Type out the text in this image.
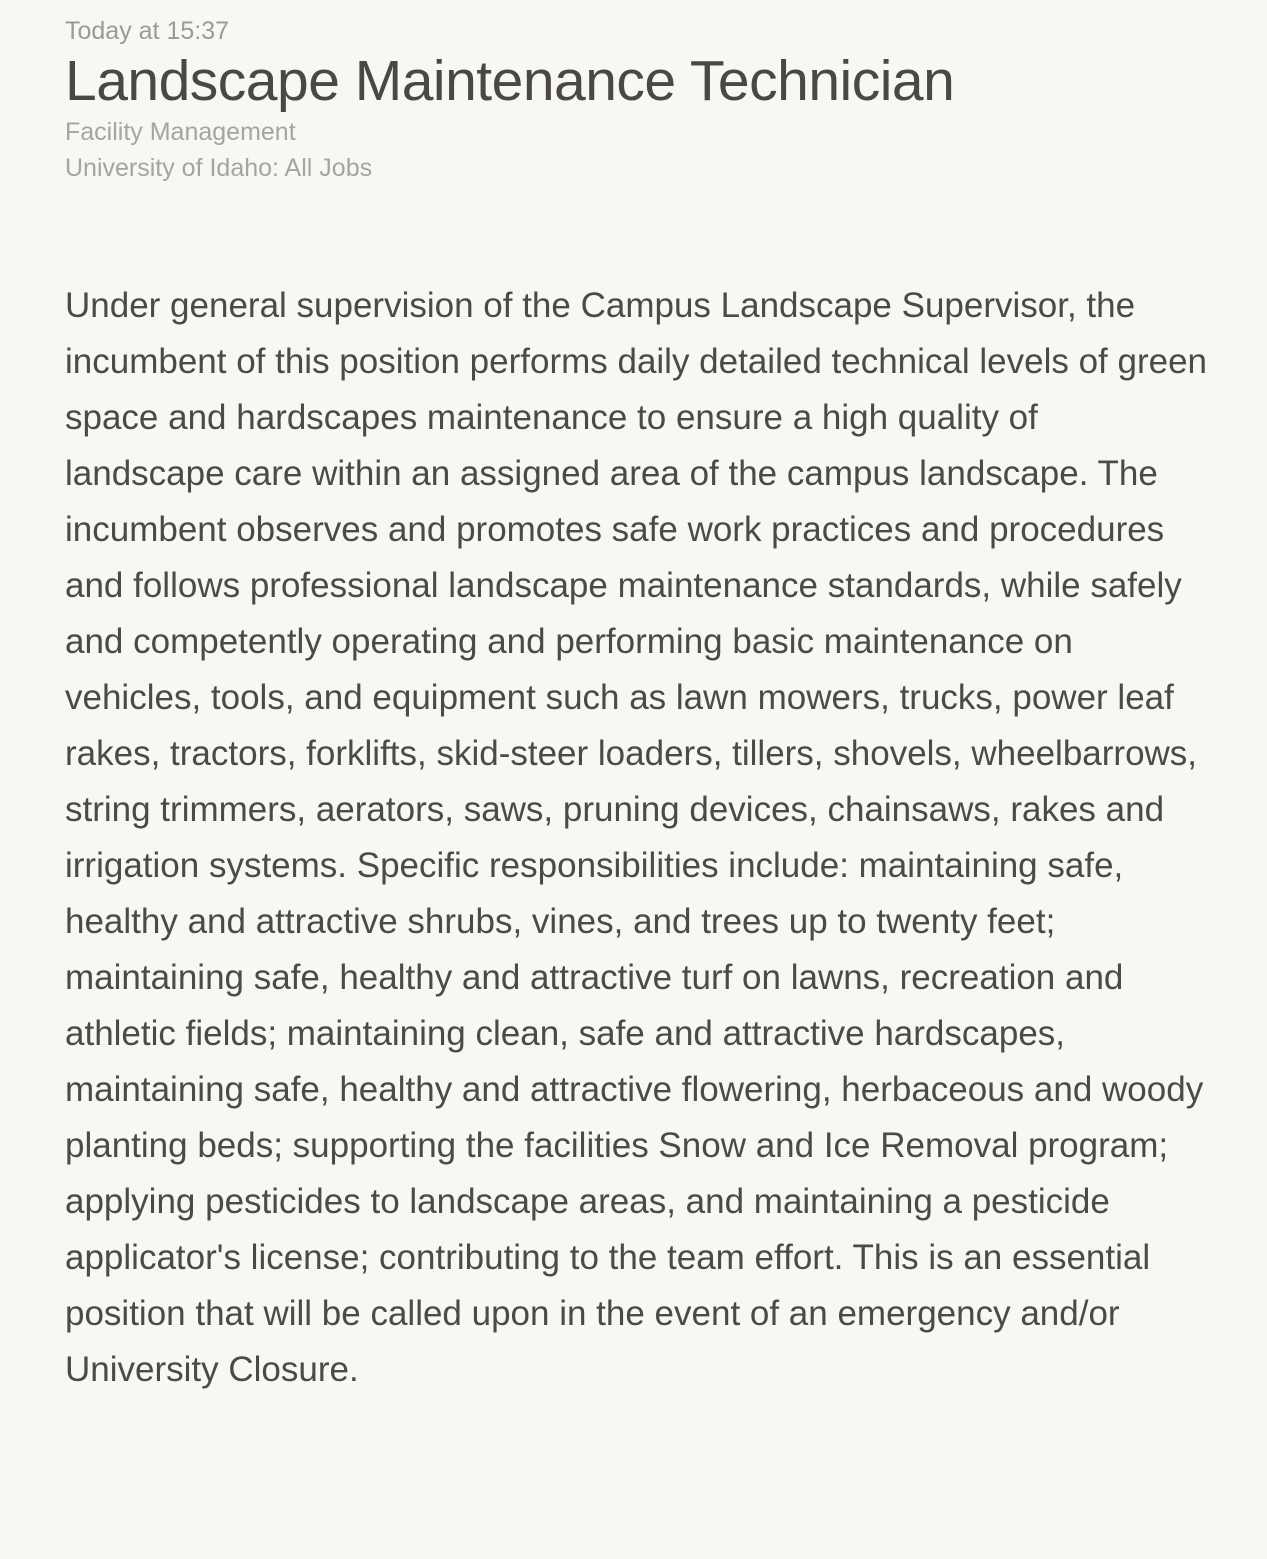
Today at 15:37

Landscape Maintenance Technician

Facility Management

University of Idaho: All Jobs

Under general supervision of the Campus Landscape Supervisor, the incumbent of this position performs daily detailed technical levels of green space and hardscapes maintenance to ensure a high quality of landscape care within an assigned area of the campus landscape. The incumbent observes and promotes safe work practices and procedures and follows professional landscape maintenance standards, while safely and competently operating and performing basic maintenance on vehicles, tools, and equipment such as lawn mowers, trucks, power leaf rakes, tractors, forklifts, skid-steer loaders, tillers, shovels, wheelbarrows, string trimmers, aerators, saws, pruning devices, chainsaws, rakes and irrigation systems. Specific responsibilities include: maintaining safe, healthy and attractive shrubs, vines, and trees up to twenty feet; maintaining safe, healthy and attractive turf on lawns, recreation and athletic fields; maintaining clean, safe and attractive hardscapes, maintaining safe, healthy and attractive flowering, herbaceous and woody planting beds; supporting the facilities Snow and Ice Removal program; applying pesticides to landscape areas, and maintaining a pesticide applicator's license; contributing to the team effort. This is an essential position that will be called upon in the event of an emergency and/or University Closure.
